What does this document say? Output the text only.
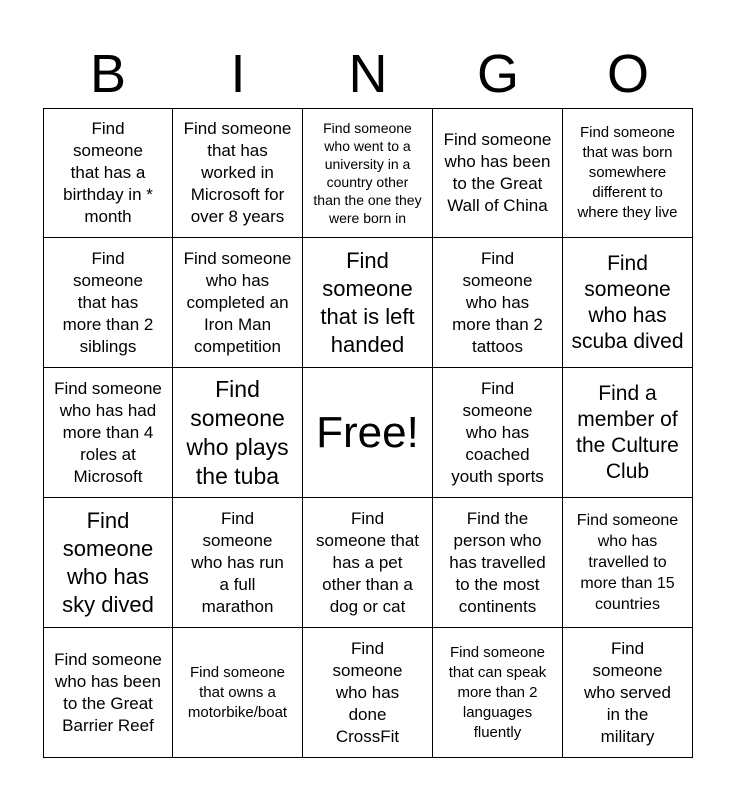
B	I	N	G	O
Find
someone
that has a
birthday in *
month
Find someone
that has
worked in
Microsoft for
over 8 years
Find someone
who went to a
university in a
country other
than the one they
were born in
Find someone
who has been
to the Great
Wall of China
Find someone
that was born
somewhere
different to
where they live
Find
someone
that has
more than 2
siblings
Find someone
who has
completed an
Iron Man
competition
Find
someone
that is left
handed
Find
someone
who has
more than 2
tattoos
Find
someone
who has
scuba dived
Find someone
who has had
more than 4
roles at
Microsoft
Find
someone
who plays
the tuba
Free!
Find
someone
who has
coached
youth sports
Find a
member of
the Culture
Club
Find
someone
who has
sky dived
Find
someone
who has run
a full
marathon
Find
someone that
has a pet
other than a
dog or cat
Find the
person who
has travelled
to the most
continents
Find someone
who has
travelled to
more than 15
countries
Find someone
who has been
to the Great
Barrier Reef
Find someone
that owns a
motorbike/boat
Find
someone
who has
done
CrossFit
Find someone
that can speak
more than 2
languages
fluently
Find
someone
who served
in the
military
